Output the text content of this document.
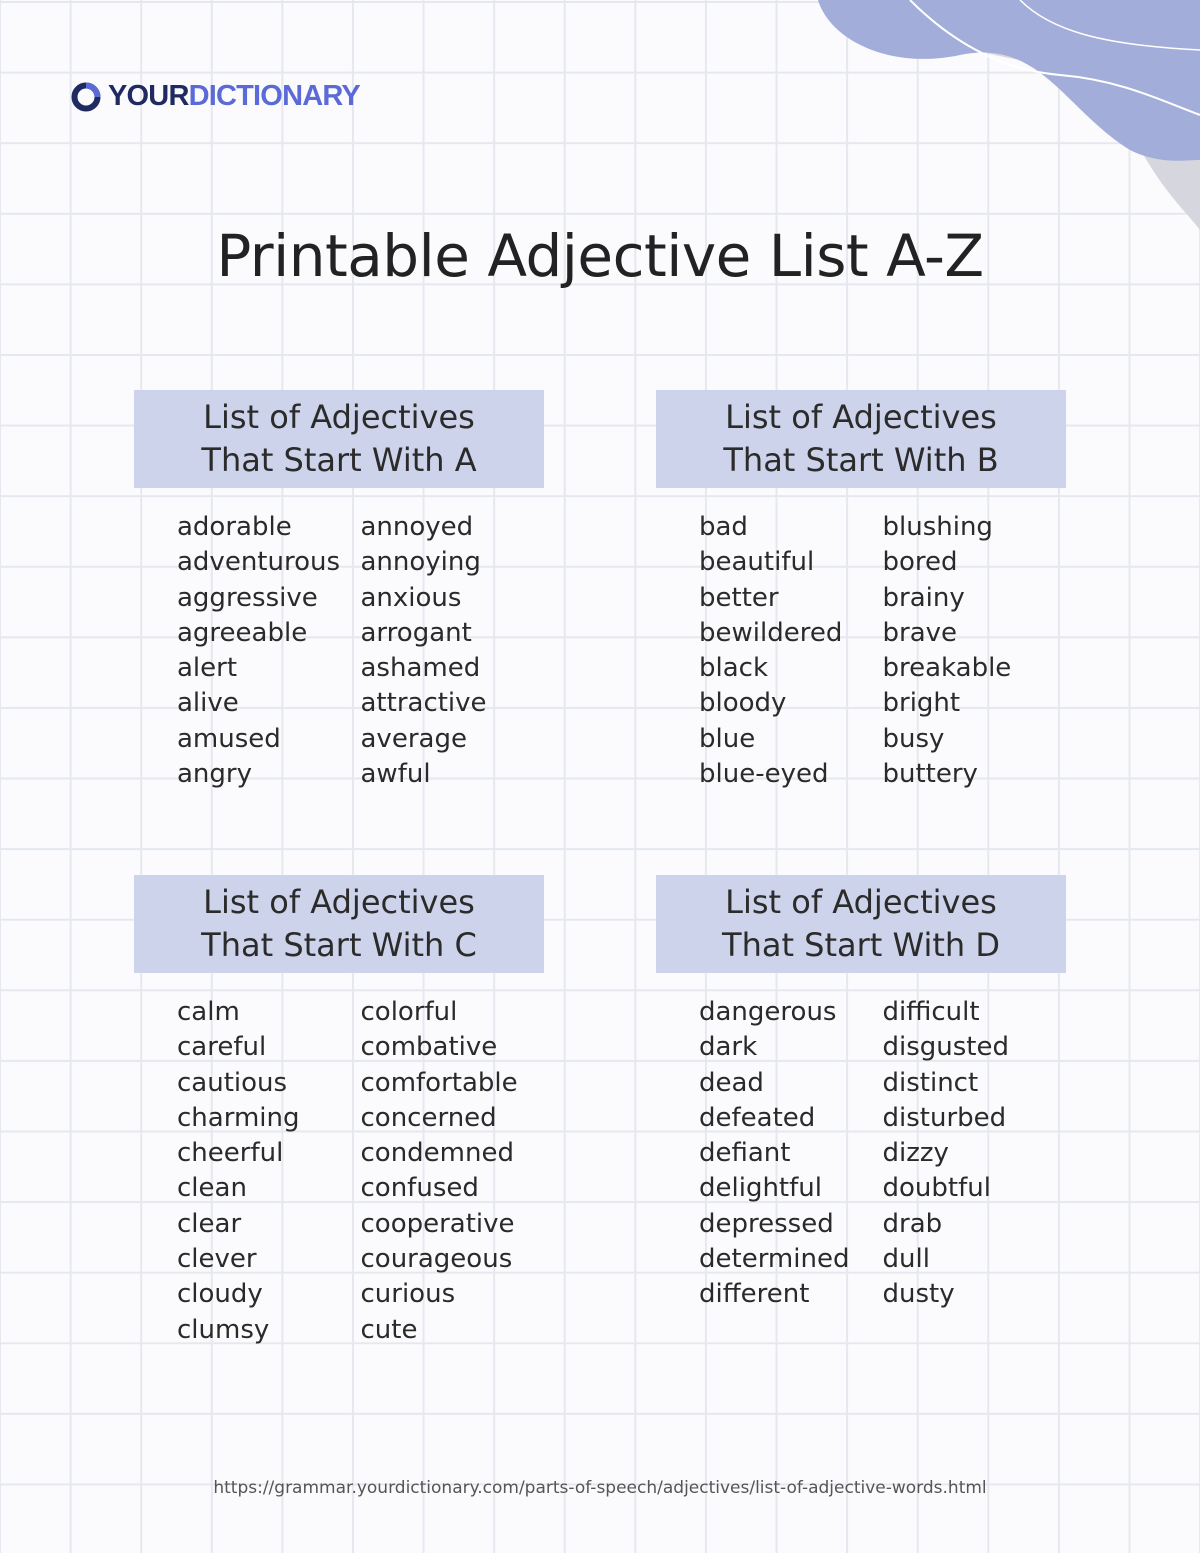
YOURDICTIONARY
Printable Adjective List A-Z
List of Adjectives
That Start With A
adorable
adventurous
aggressive
agreeable
alert
alive
amused
angry
annoyed
annoying
anxious
arrogant
ashamed
attractive
average
awful
List of Adjectives
That Start With B
bad
beautiful
better
bewildered
black
bloody
blue
blue-eyed
blushing
bored
brainy
brave
breakable
bright
busy
buttery
List of Adjectives
That Start With C
calm
careful
cautious
charming
cheerful
clean
clear
clever
cloudy
clumsy
colorful
combative
comfortable
concerned
condemned
confused
cooperative
courageous
curious
cute
List of Adjectives
That Start With D
dangerous
dark
dead
defeated
defiant
delightful
depressed
determined
different
difficult
disgusted
distinct
disturbed
dizzy
doubtful
drab
dull
dusty
https://grammar.yourdictionary.com/parts-of-speech/adjectives/list-of-adjective-words.html
